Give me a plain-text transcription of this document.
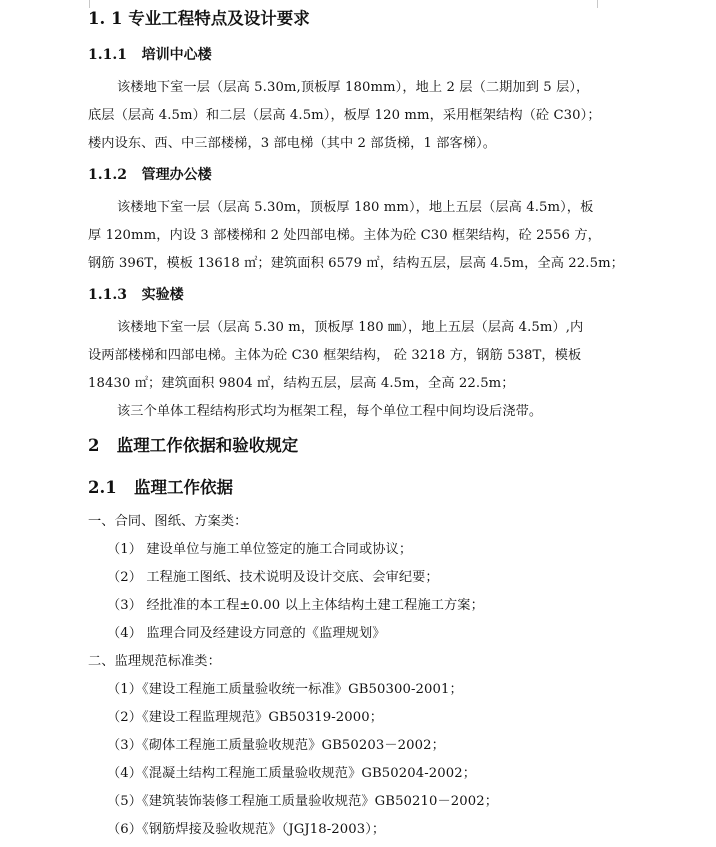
1. 1 专业工程特点及设计要求
1.1.1 培训中心楼
该楼地下室一层（层高 5.30m,顶板厚 180mm），地上 2 层（二期加到 5 层），
底层（层高 4.5m）和二层（层高 4.5m），板厚 120 mm，采用框架结构（砼 C30）；
楼内设东、西、中三部楼梯，3 部电梯（其中 2 部货梯，1 部客梯）。
1.1.2 管理办公楼
该楼地下室一层（层高 5.30m，顶板厚 180 mm），地上五层（层高 4.5m），板
厚 120mm，内设 3 部楼梯和 2 处四部电梯。主体为砼 C30 框架结构，砼 2556 方，
钢筋 396T，模板 13618 ㎡；建筑面积 6579 ㎡，结构五层，层高 4.5m，全高 22.5m；
1.1.3 实验楼
该楼地下室一层（层高 5.30 m，顶板厚 180 ㎜），地上五层（层高 4.5m）,内
设两部楼梯和四部电梯。主体为砼 C30 框架结构， 砼 3218 方，钢筋 538T，模板
18430 ㎡；建筑面积 9804 ㎡，结构五层，层高 4.5m，全高 22.5m；
该三个单体工程结构形式均为框架工程，每个单位工程中间均设后浇带。
2 监理工作依据和验收规定
2.1 监理工作依据
一、合同、图纸、方案类：
（1） 建设单位与施工单位签定的施工合同或协议；
（2） 工程施工图纸、技术说明及设计交底、会审纪要；
（3） 经批准的本工程±0.00 以上主体结构土建工程施工方案；
（4） 监理合同及经建设方同意的《监理规划》
二、监理规范标准类：
（1）《建设工程施工质量验收统一标准》GB50300-2001；
（2）《建设工程监理规范》GB50319-2000；
（3）《砌体工程施工质量验收规范》GB50203－2002；
（4）《混凝土结构工程施工质量验收规范》GB50204-2002；
（5）《建筑装饰装修工程施工质量验收规范》GB50210－2002；
（6）《钢筋焊接及验收规范》（JGJ18-2003）；
